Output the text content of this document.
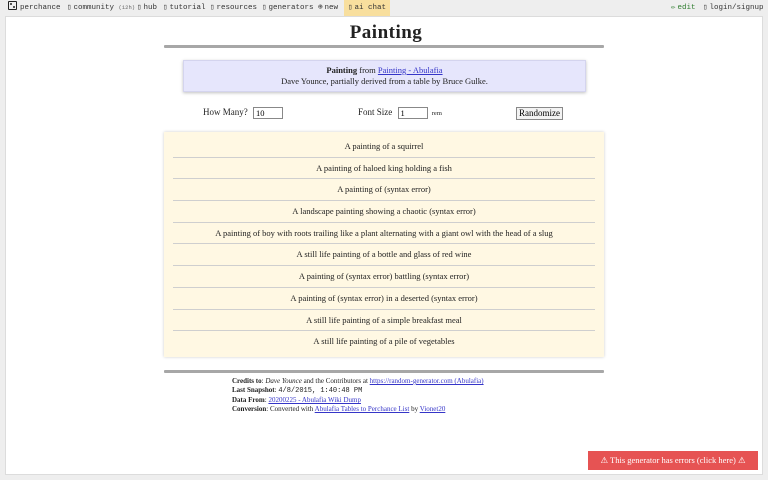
perchance ▯ community (12h) ▯ hub ▯ tutorial ▯ resources ▯ generators ⊕ new	▯ ai chat	✏ edit ▯ login/signup
Painting
Painting from Painting - Abulafia
Dave Younce, partially derived from a table by Bruce Gulke.
How Many? 10	Font Size 1	rem	Randomize
A painting of a squirrel
A painting of haloed king holding a fish
A painting of (syntax error)
A landscape painting showing a chaotic (syntax error)
A painting of boy with roots trailing like a plant alternating with a giant owl with the head of a slug
A still life painting of a bottle and glass of red wine
A painting of (syntax error) battling (syntax error)
A painting of (syntax error) in a deserted (syntax error)
A still life painting of a simple breakfast meal
A still life painting of a pile of vegetables
Credits to: Dave Younce and the Contributors at https://random-generator.com (Abulafia)
Last Snapshot: 4/8/2015, 1:40:48 PM
Data From: 20200225 - Abulafia Wiki Dump
Conversion: Converted with Abulafia Tables to Perchance List by Vionet20
⚠ This generator has errors (click here) ⚠
